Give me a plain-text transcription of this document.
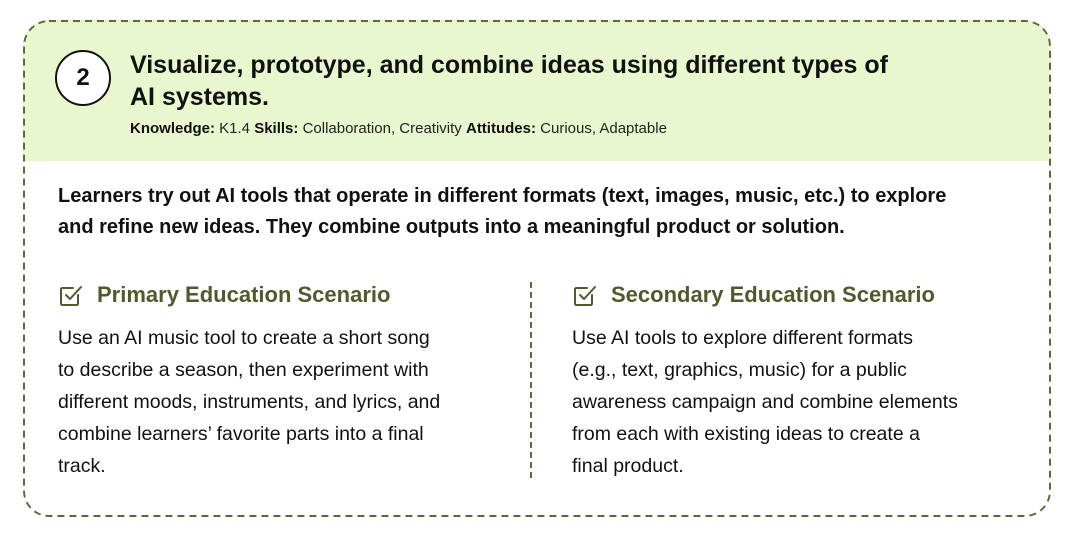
2 Visualize, prototype, and combine ideas using different types of
AI systems.
Knowledge: K1.4 Skills: Collaboration, Creativity Attitudes: Curious, Adaptable

Learners try out AI tools that operate in different formats (text, images, music, etc.) to explore
and refine new ideas. They combine outputs into a meaningful product or solution.

Primary Education Scenario

Use an AI music tool to create a short song
to describe a season, then experiment with
different moods, instruments, and lyrics, and
combine learners’ favorite parts into a final
track.

Secondary Education Scenario

Use AI tools to explore different formats
(e.g., text, graphics, music) for a public
awareness campaign and combine elements
from each with existing ideas to create a
final product.
